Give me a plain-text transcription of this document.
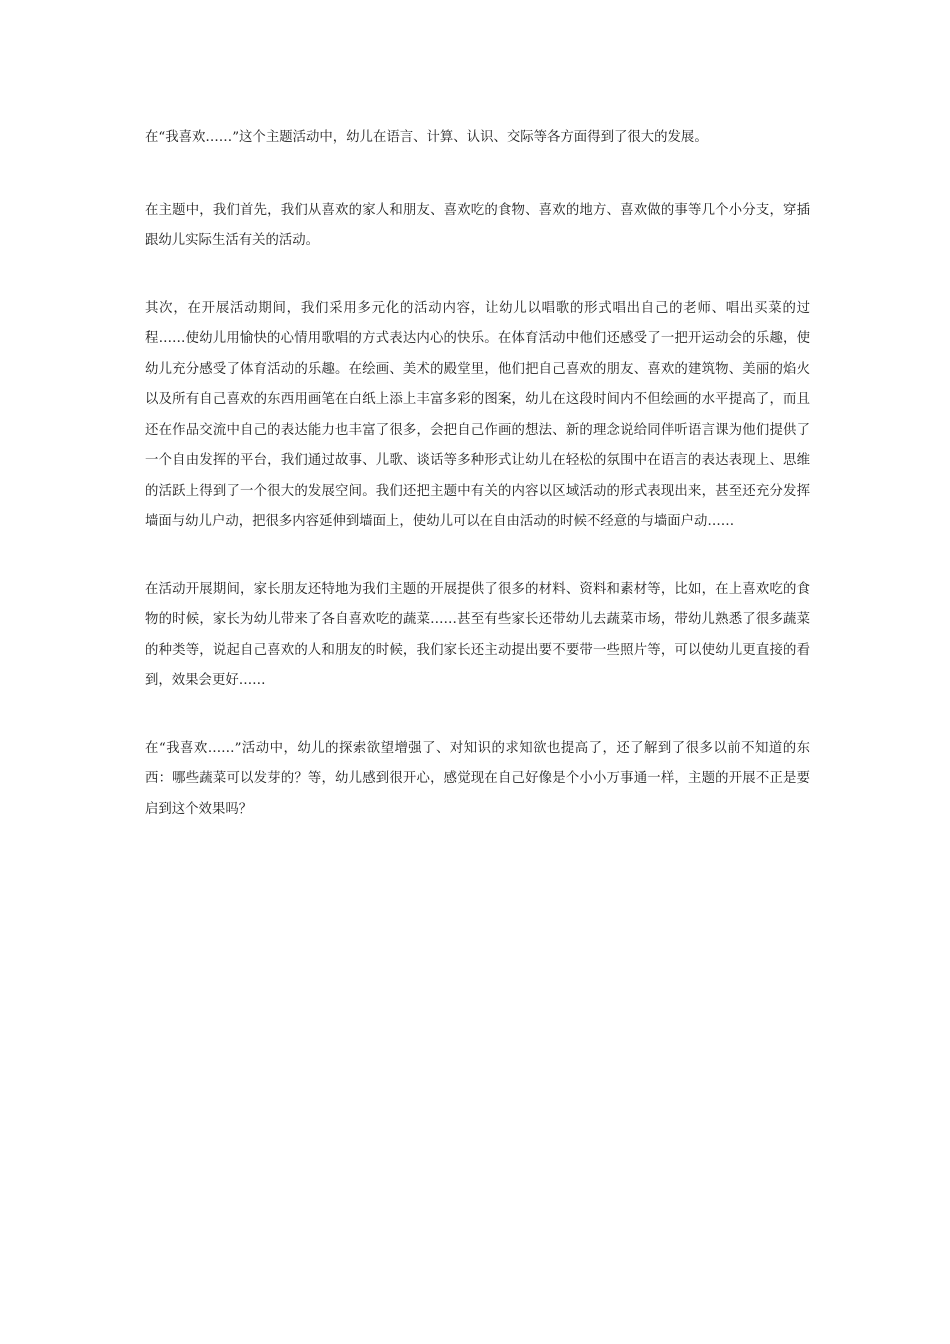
在“我喜欢……”这个主题活动中，幼儿在语言、计算、认识、交际等各方面得到了很大的发展。

在主题中，我们首先，我们从喜欢的家人和朋友、喜欢吃的食物、喜欢的地方、喜欢做的事等几个小分支，穿插跟幼儿实际生活有关的活动。

其次，在开展活动期间，我们采用多元化的活动内容，让幼儿以唱歌的形式唱出自己的老师、唱出买菜的过程……使幼儿用愉快的心情用歌唱的方式表达内心的快乐。在体育活动中他们还感受了一把开运动会的乐趣，使幼儿充分感受了体育活动的乐趣。在绘画、美术的殿堂里，他们把自己喜欢的朋友、喜欢的建筑物、美丽的焰火以及所有自己喜欢的东西用画笔在白纸上添上丰富多彩的图案，幼儿在这段时间内不但绘画的水平提高了，而且还在作品交流中自己的表达能力也丰富了很多，会把自己作画的想法、新的理念说给同伴听语言课为他们提供了一个自由发挥的平台，我们通过故事、儿歌、谈话等多种形式让幼儿在轻松的氛围中在语言的表达表现上、思维的活跃上得到了一个很大的发展空间。我们还把主题中有关的内容以区域活动的形式表现出来，甚至还充分发挥墙面与幼儿户动，把很多内容延伸到墙面上，使幼儿可以在自由活动的时候不经意的与墙面户动……

在活动开展期间，家长朋友还特地为我们主题的开展提供了很多的材料、资料和素材等，比如，在上喜欢吃的食物的时候，家长为幼儿带来了各自喜欢吃的蔬菜……甚至有些家长还带幼儿去蔬菜市场，带幼儿熟悉了很多蔬菜的种类等，说起自己喜欢的人和朋友的时候，我们家长还主动提出要不要带一些照片等，可以使幼儿更直接的看到，效果会更好……

在“我喜欢……”活动中，幼儿的探索欲望增强了、对知识的求知欲也提高了，还了解到了很多以前不知道的东西：哪些蔬菜可以发芽的？等，幼儿感到很开心，感觉现在自己好像是个小小万事通一样，主题的开展不正是要启到这个效果吗？
